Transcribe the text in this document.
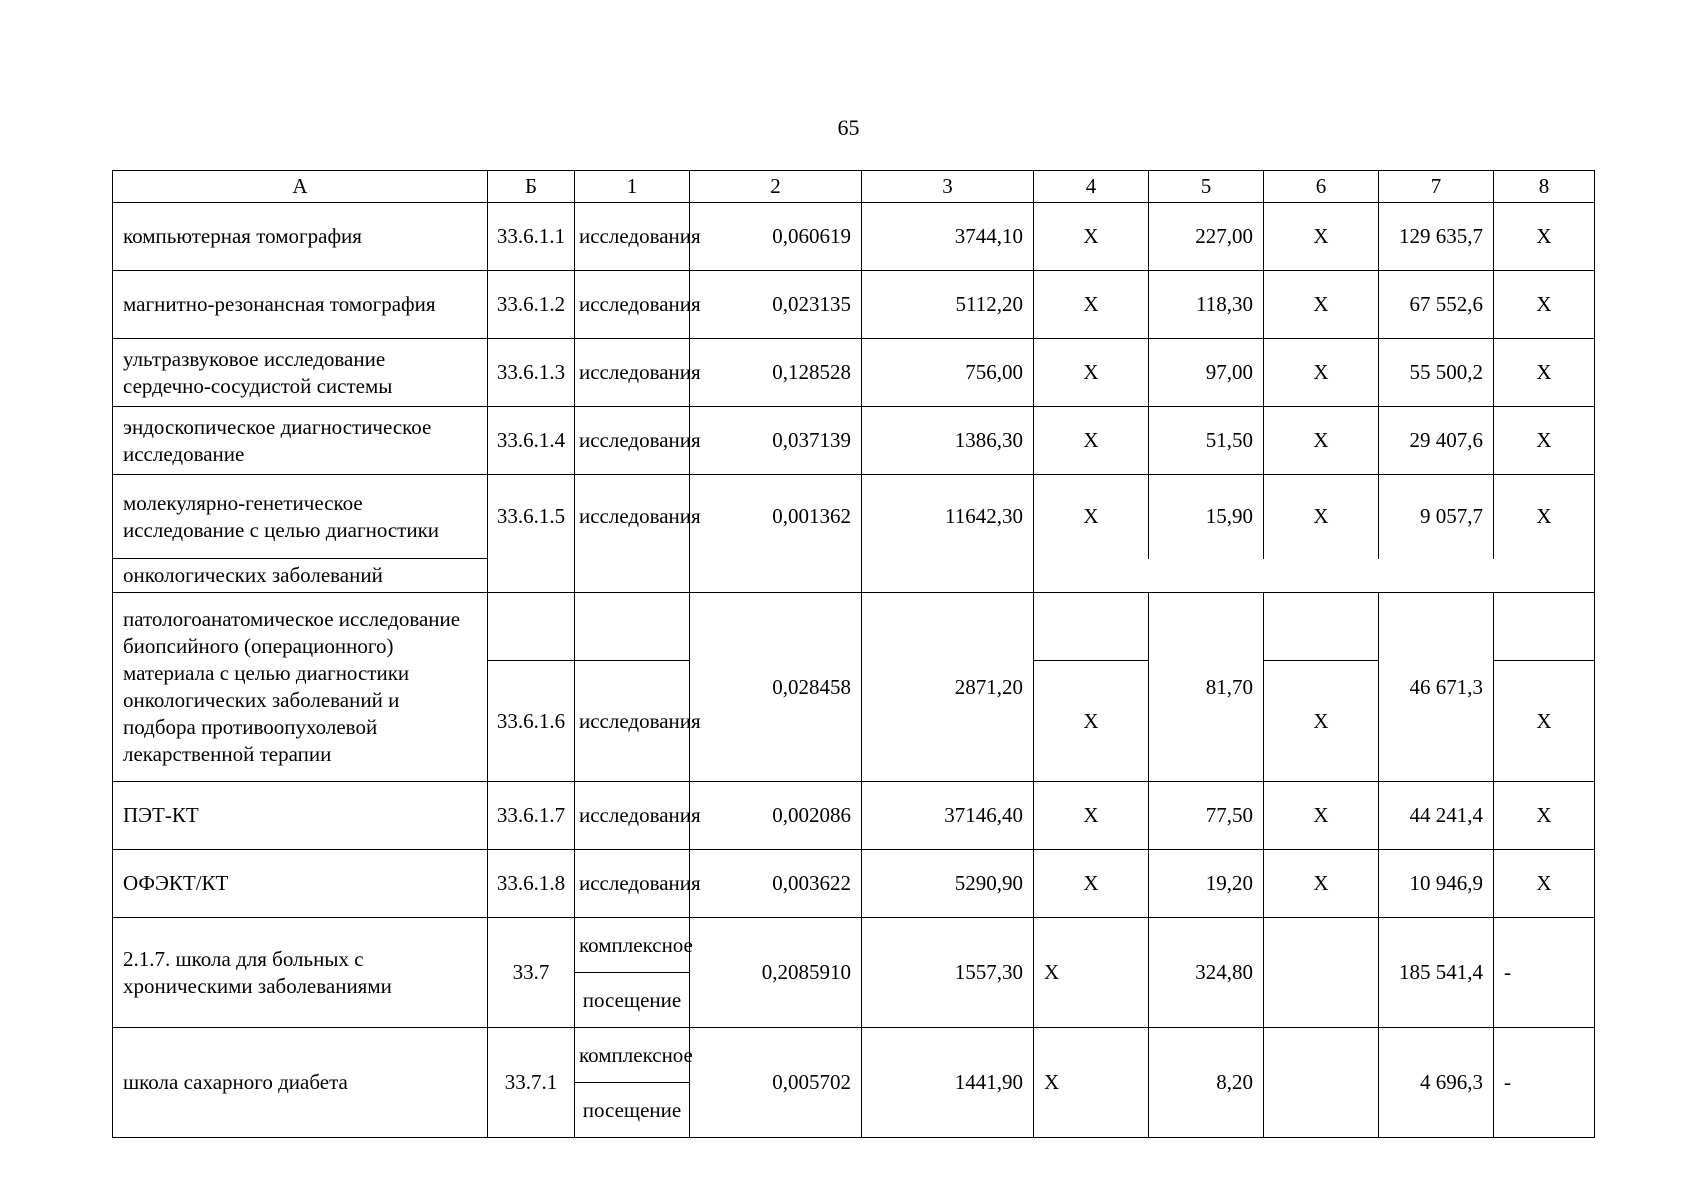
65
А	Б	1	2	3	4	5	6	7	8
компьютерная томография	33.6.1.1	исследования	0,060619	3744,10	Х	227,00	Х	129 635,7	Х
магнитно-резонансная томография	33.6.1.2	исследования	0,023135	5112,20	Х	118,30	Х	67 552,6	Х
ультразвуковое исследование сердечно-сосудистой системы	33.6.1.3	исследования	0,128528	756,00	Х	97,00	Х	55 500,2	Х
эндоскопическое диагностическое исследование	33.6.1.4	исследования	0,037139	1386,30	Х	51,50	Х	29 407,6	Х
молекулярно-генетическое исследование с целью диагностики	33.6.1.5	исследования	0,001362	11642,30	Х	15,90	Х	9 057,7	Х
онкологических заболеваний									
патологоанатомическое исследование биопсийного (операционного) материала с целью диагностики онкологических заболеваний и подбора противоопухолевой лекарственной терапии			0,028458	2871,20		81,70		46 671,3	
	33.6.1.6	исследования			Х		Х		Х
ПЭТ-КТ	33.6.1.7	исследования	0,002086	37146,40	Х	77,50	Х	44 241,4	Х
ОФЭКТ/КТ	33.6.1.8	исследования	0,003622	5290,90	Х	19,20	Х	10 946,9	Х
2.1.7. школа для больных с хроническими заболеваниями	33.7	комплексное	0,2085910	1557,30	Х	324,80		185 541,4	-
		посещение							
школа сахарного диабета	33.7.1	комплексное	0,005702	1441,90	Х	8,20		4 696,3	-
		посещение							
